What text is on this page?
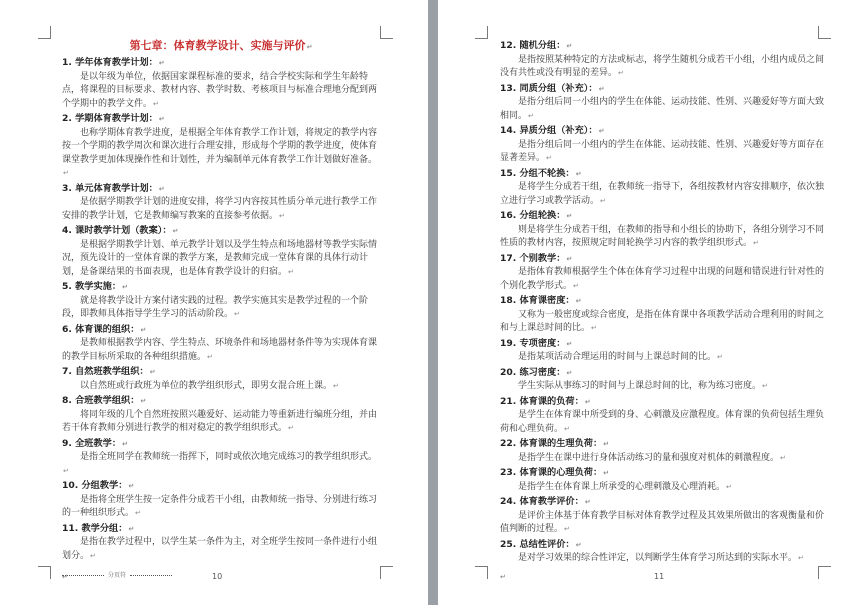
第七章：体育教学设计、实施与评价↵
1. 学年体育教学计划：↵
是以年级为单位，依据国家课程标准的要求，结合学校实际和学生年龄特点，将课程的目标要求、教材内容、教学时数、考核项目与标准合理地分配到两个学期中的教学文件。↵
2. 学期体育教学计划：↵
也称学期体育教学进度，是根据全年体育教学工作计划，将规定的教学内容按一个学期的教学周次和课次进行合理安排，形成每个学期的教学进度，使体育课堂教学更加体现操作性和计划性，并为编制单元体育教学工作计划做好准备。↵
3. 单元体育教学计划：↵
是依据学期教学计划的进度安排，将学习内容按其性质分单元进行教学工作安排的教学计划，它是教师编写教案的直接参考依据。↵
4. 课时教学计划（教案）：↵
是根据学期教学计划、单元教学计划以及学生特点和场地器材等教学实际情况，预先设计的一堂体育课的教学方案，是教师完成一堂体育课的具体行动计划，是备课结果的书面表现，也是体育教学设计的归宿。↵
5. 教学实施：↵
就是将教学设计方案付诸实践的过程。教学实施其实是教学过程的一个阶段，即教师具体指导学生学习的活动阶段。↵
6. 体育课的组织：↵
是教师根据教学内容、学生特点、环境条件和场地器材条件等为实现体育课的教学目标所采取的各种组织措施。↵
7. 自然班教学组织：↵
以自然班或行政班为单位的教学组织形式，即男女混合班上课。↵
8. 合班教学组织：↵
将同年级的几个自然班按照兴趣爱好、运动能力等重新进行编班分组，并由若干体育教师分别进行教学的相对稳定的教学组织形式。↵
9. 全班教学：↵
是指全班同学在教师统一指挥下，同时或依次地完成练习的教学组织形式。↵
10. 分组教学：↵
是指将全班学生按一定条件分成若干小组，由教师统一指导、分别进行练习的一种组织形式。↵
11. 教学分组：↵
是指在教学过程中，以学生某一条件为主，对全班学生按同一条件进行小组划分。↵
分页符
↵	10
12. 随机分组：↵
是指按照某种特定的方法或标志，将学生随机分成若干小组，小组内成员之间没有共性或没有明显的差异。↵
13. 同质分组（补充）：↵
是指分组后同一小组内的学生在体能、运动技能、性别、兴趣爱好等方面大致相同。↵
14. 异质分组（补充）：↵
是指分组后同一小组内的学生在体能、运动技能、性别、兴趣爱好等方面存在显著差异。↵
15. 分组不轮换：↵
是将学生分成若干组，在教师统一指导下，各组按教材内容安排顺序，依次独立进行学习或教学活动。↵
16. 分组轮换：↵
则是将学生分成若干组，在教师的指导和小组长的协助下，各组分别学习不同性质的教材内容，按照规定时间轮换学习内容的教学组织形式。↵
17. 个别教学：↵
是指体育教师根据学生个体在体育学习过程中出现的问题和错误进行针对性的个别化教学形式。↵
18. 体育课密度：↵
又称为一般密度或综合密度，是指在体育课中各项教学活动合理利用的时间之和与上课总时间的比。↵
19. 专项密度：↵
是指某项活动合理运用的时间与上课总时间的比。↵
20. 练习密度：↵
学生实际从事练习的时间与上课总时间的比，称为练习密度。↵
21. 体育课的负荷：↵
是学生在体育课中所受到的身、心刺激及应激程度。体育课的负荷包括生理负荷和心理负荷。↵
22. 体育课的生理负荷：↵
是指学生在课中进行身体活动练习的量和强度对机体的刺激程度。↵
23. 体育课的心理负荷：↵
是指学生在体育课上所承受的心理刺激及心理消耗。↵
24. 体育教学评价：↵
是评价主体基于体育教学目标对体育教学过程及其效果所做出的客观衡量和价值判断的过程。↵
25. 总结性评价：↵
是对学习效果的综合性评定，以判断学生体育学习所达到的实际水平。↵
↵	11
